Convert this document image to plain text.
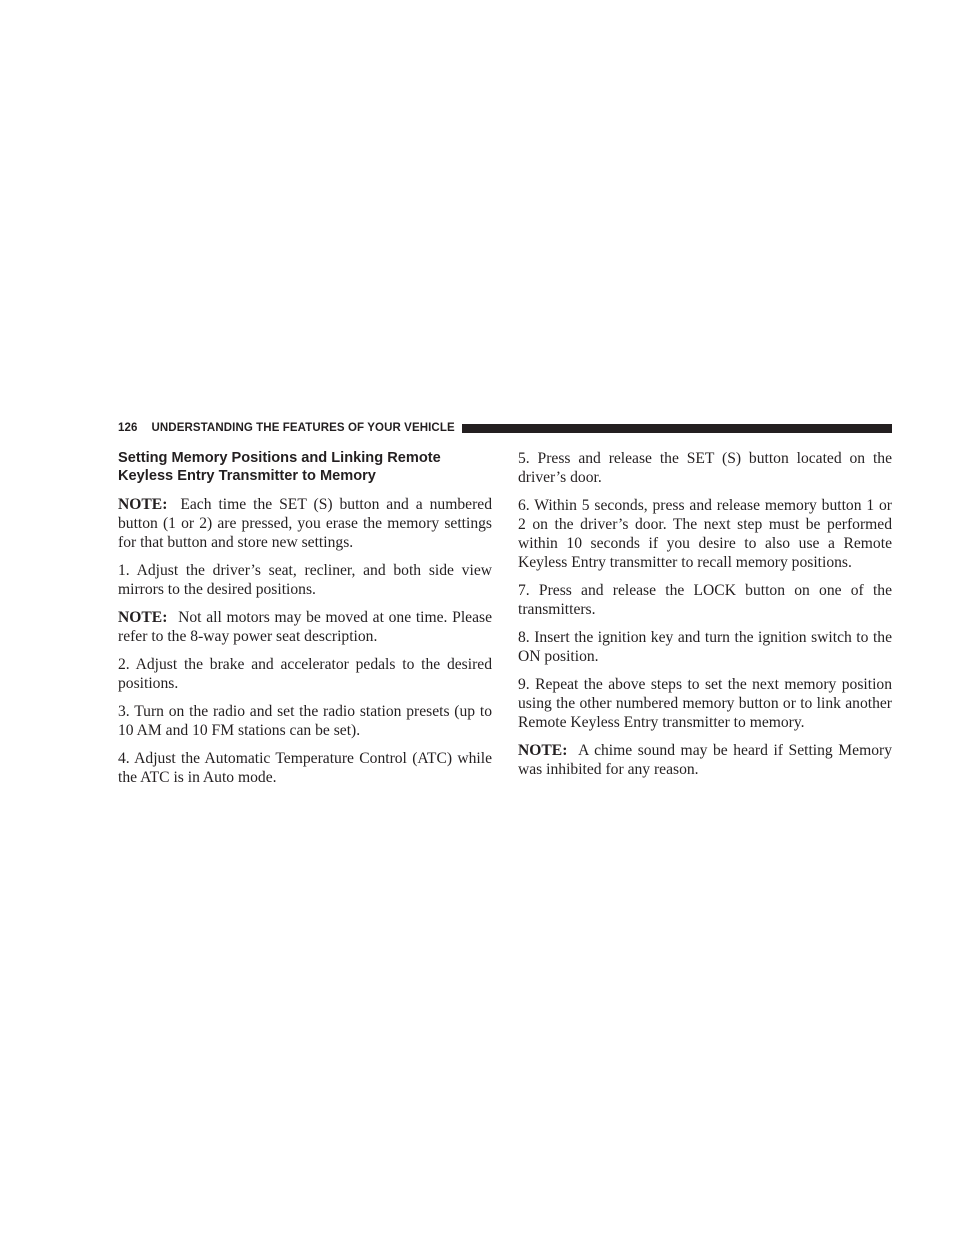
126 UNDERSTANDING THE FEATURES OF YOUR VEHICLE
Setting Memory Positions and Linking Remote Keyless Entry Transmitter to Memory

NOTE: Each time the SET (S) button and a numbered button (1 or 2) are pressed, you erase the memory settings for that button and store new settings.

1. Adjust the driver’s seat, recliner, and both side view mirrors to the desired positions.

NOTE: Not all motors may be moved at one time. Please refer to the 8-way power seat description.

2. Adjust the brake and accelerator pedals to the desired positions.

3. Turn on the radio and set the radio station presets (up to 10 AM and 10 FM stations can be set).

4. Adjust the Automatic Temperature Control (ATC) while the ATC is in Auto mode.

5. Press and release the SET (S) button located on the driver’s door.

6. Within 5 seconds, press and release memory button 1 or 2 on the driver’s door. The next step must be performed within 10 seconds if you desire to also use a Remote Keyless Entry transmitter to recall memory positions.

7. Press and release the LOCK button on one of the transmitters.

8. Insert the ignition key and turn the ignition switch to the ON position.

9. Repeat the above steps to set the next memory position using the other numbered memory button or to link another Remote Keyless Entry transmitter to memory.

NOTE: A chime sound may be heard if Setting Memory was inhibited for any reason.
